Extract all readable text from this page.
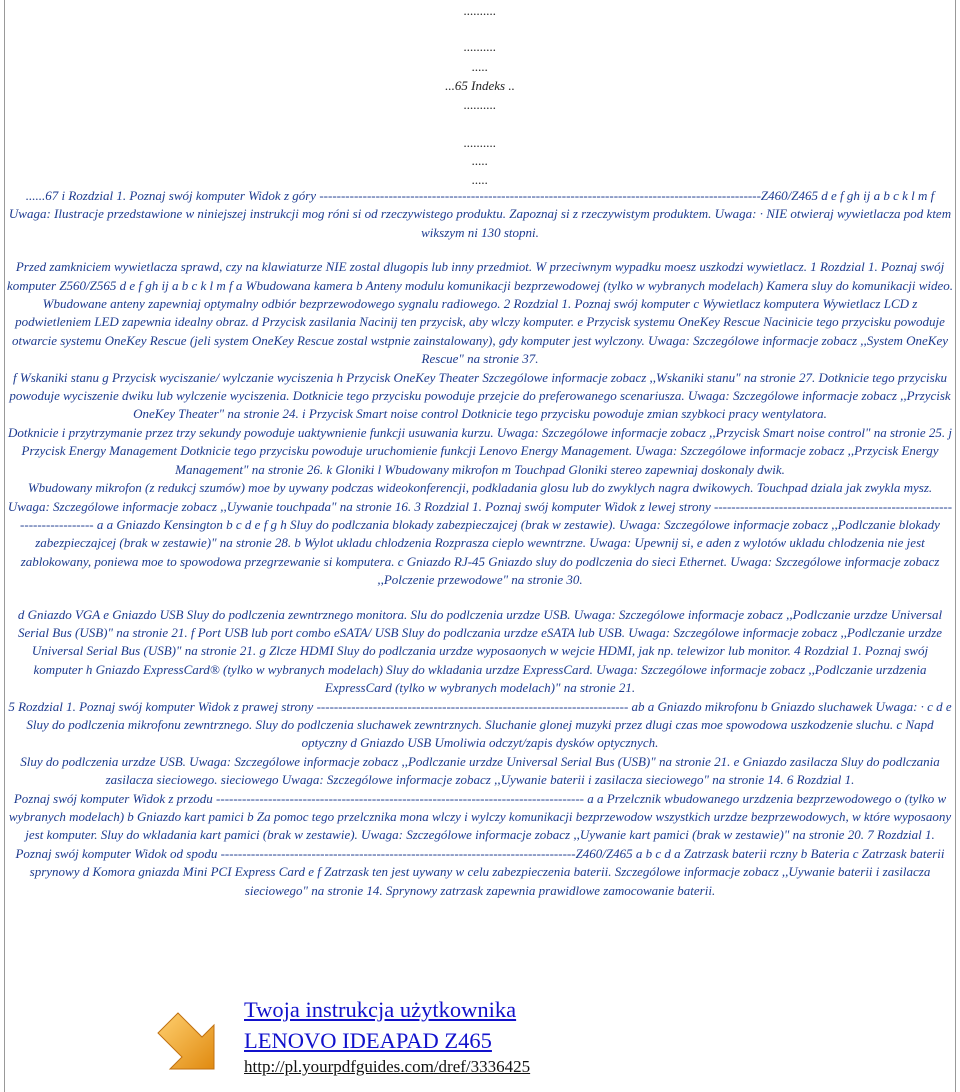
..........
..........
.....
...65 Indeks ..
..........
..........
.....
.....

......67 i Rozdzial 1. Poznaj swój komputer Widok z góry ------------------------------------------------------------------------------------------------------Z460/Z465 d e f gh ij a b c k l m f Uwaga: Ilustracje przedstawione w niniejszej instrukcji mog róni si od rzeczywistego produktu. Zapoznaj si z rzeczywistym produktem. Uwaga: · NIE otwieraj wywietlacza pod ktem wikszym ni 130 stopni.

Przed zamkniciem wywietlacza sprawd, czy na klawiaturze NIE zostal dlugopis lub inny przedmiot. W przeciwnym wypadku moesz uszkodzi wywietlacz. 1 Rozdzial 1. Poznaj swój komputer Z560/Z565 d e f gh ij a b c k l m f a Wbudowana kamera b Anteny modulu komunikacji bezprzewodowej (tylko w wybranych modelach) Kamera sluy do komunikacji wideo. Wbudowane anteny zapewniaj optymalny odbiór bezprzewodowego sygnalu radiowego. 2 Rozdzial 1. Poznaj swój komputer c Wywietlacz komputera Wywietlacz LCD z podwietleniem LED zapewnia idealny obraz. d Przycisk zasilania Nacinij ten przycisk, aby wlczy komputer. e Przycisk systemu OneKey Rescue Nacinicie tego przycisku powoduje otwarcie systemu OneKey Rescue (jeli system OneKey Rescue zostal wstpnie zainstalowany), gdy komputer jest wylczony. Uwaga: Szczególowe informacje zobacz ,,System OneKey Rescue" na stronie 37.

f Wskaniki stanu g Przycisk wyciszanie/ wylczanie wyciszenia h Przycisk OneKey Theater Szczególowe informacje zobacz ,,Wskaniki stanu" na stronie 27. Dotknicie tego przycisku powoduje wyciszenie dwiku lub wylczenie wyciszenia. Dotknicie tego przycisku powoduje przejcie do preferowanego scenariusza. Uwaga: Szczególowe informacje zobacz ,,Przycisk OneKey Theater" na stronie 24. i Przycisk Smart noise control Dotknicie tego przycisku powoduje zmian szybkoci pracy wentylatora.

Dotknicie i przytrzymanie przez trzy sekundy powoduje uaktywnienie funkcji usuwania kurzu. Uwaga: Szczególowe informacje zobacz ,,Przycisk Smart noise control" na stronie 25. j Przycisk Energy Management Dotknicie tego przycisku powoduje uruchomienie funkcji Lenovo Energy Management. Uwaga: Szczególowe informacje zobacz ,,Przycisk Energy Management" na stronie 26. k Gloniki l Wbudowany mikrofon m Touchpad Gloniki stereo zapewniaj doskonaly dwik.

Wbudowany mikrofon (z redukcj szumów) moe by uywany podczas wideokonferencji, podkladania glosu lub do zwyklych nagra dwikowych. Touchpad dziala jak zwykla mysz. Uwaga: Szczególowe informacje zobacz ,,Uywanie touchpada" na stronie 16. 3 Rozdzial 1. Poznaj swój komputer Widok z lewej strony ------------------------------------------------------------------------ a a Gniazdo Kensington b c d e f g h Sluy do podlczania blokady zabezpieczajcej (brak w zestawie). Uwaga: Szczególowe informacje zobacz ,,Podlczanie blokady zabezpieczajcej (brak w zestawie)" na stronie 28. b Wylot ukladu chlodzenia Rozprasza cieplo wewntrzne. Uwaga: Upewnij si, e aden z wylotów ukladu chlodzenia nie jest zablokowany, poniewa moe to spowodowa przegrzewanie si komputera. c Gniazdo RJ-45 Gniazdo sluy do podlczenia do sieci Ethernet. Uwaga: Szczególowe informacje zobacz ,,Polczenie przewodowe" na stronie 30.

d Gniazdo VGA e Gniazdo USB Sluy do podlczenia zewntrznego monitora. Slu do podlczenia urzdze USB. Uwaga: Szczególowe informacje zobacz ,,Podlczanie urzdze Universal Serial Bus (USB)" na stronie 21. f Port USB lub port combo eSATA/ USB Sluy do podlczania urzdze eSATA lub USB. Uwaga: Szczególowe informacje zobacz ,,Podlczanie urzdze Universal Serial Bus (USB)" na stronie 21. g Zlcze HDMI Sluy do podlczania urzdze wyposaonych w wejcie HDMI, jak np. telewizor lub monitor. 4 Rozdzial 1. Poznaj swój komputer h Gniazdo ExpressCard® (tylko w wybranych modelach) Sluy do wkladania urzdze ExpressCard. Uwaga: Szczególowe informacje zobacz ,,Podlczanie urzdzenia ExpressCard (tylko w wybranych modelach)" na stronie 21.

5 Rozdzial 1. Poznaj swój komputer Widok z prawej strony ------------------------------------------------------------------------ ab a Gniazdo mikrofonu b Gniazdo sluchawek Uwaga: · c d e Sluy do podlczenia mikrofonu zewntrznego. Sluy do podlczenia sluchawek zewntrznych. Sluchanie glonej muzyki przez dlugi czas moe spowodowa uszkodzenie sluchu. c Napd optyczny d Gniazdo USB Umoliwia odczyt/zapis dysków optycznych.

Sluy do podlczenia urzdze USB. Uwaga: Szczególowe informacje zobacz ,,Podlczanie urzdze Universal Serial Bus (USB)" na stronie 21. e Gniazdo zasilacza Sluy do podlczania zasilacza sieciowego. sieciowego Uwaga: Szczególowe informacje zobacz ,,Uywanie baterii i zasilacza sieciowego" na stronie 14. 6 Rozdzial 1.

Poznaj swój komputer Widok z przodu ------------------------------------------------------------------------------------- a a Przelcznik wbudowanego urzdzenia bezprzewodowego o (tylko w wybranych modelach) b Gniazdo kart pamici b Za pomoc tego przelcznika mona wlczy i wylczy komunikacji bezprzewodow wszystkich urzdze bezprzewodowych, w które wyposaony jest komputer. Sluy do wkladania kart pamici (brak w zestawie). Uwaga: Szczególowe informacje zobacz ,,Uywanie kart pamici (brak w zestawie)" na stronie 20. 7 Rozdzial 1. Poznaj swój komputer Widok od spodu ----------------------------------------------------------------------------------Z460/Z465 a b c d a Zatrzask baterii rczny b Bateria c Zatrzask baterii sprynowy d Komora gniazda Mini PCI Express Card e f Zatrzask ten jest uywany w celu zabezpieczenia baterii. Szczególowe informacje zobacz ,,Uywanie baterii i zasilacza sieciowego" na stronie 14. Sprynowy zatrzask zapewnia prawidlowe zamocowanie baterii.

Twoja instrukcja użytkownika
LENOVO IDEAPAD Z465
http://pl.yourpdfguides.com/dref/3336425
